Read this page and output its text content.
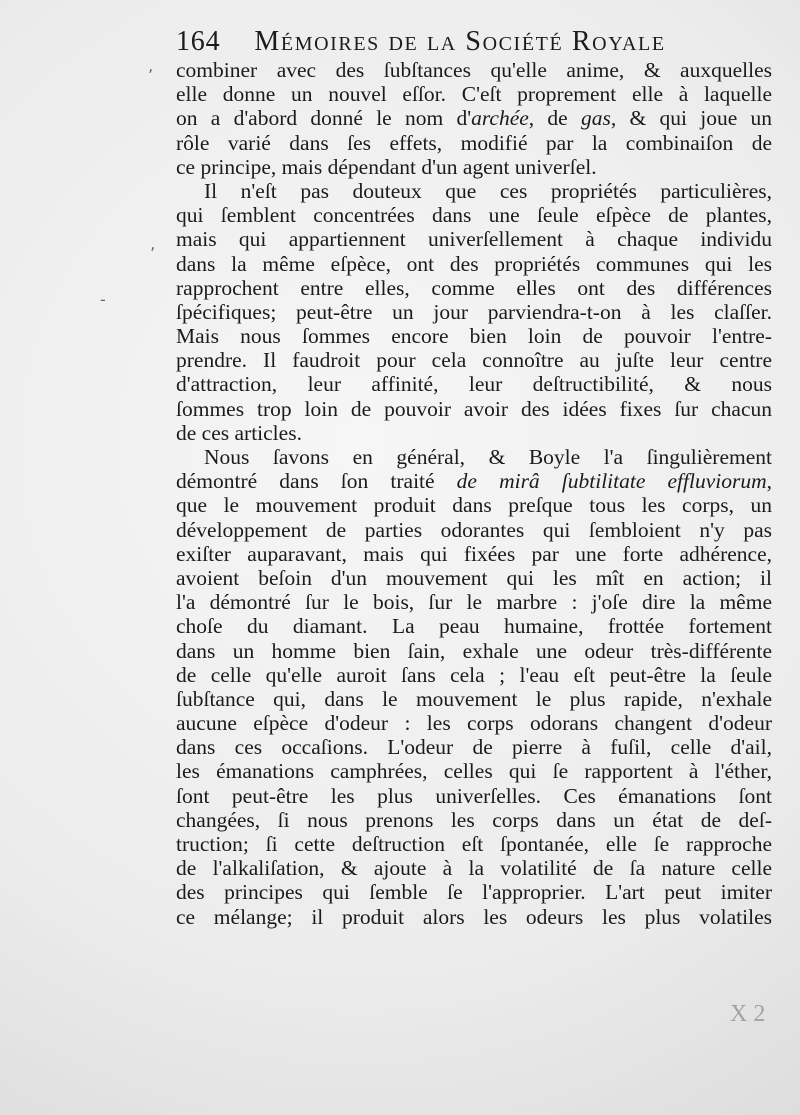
164 Mémoires de la Société Royale
combiner avec des ſubſtances qu'elle anime, & auxquelles
elle donne un nouvel eſſor. C'eſt proprement elle à laquelle
on a d'abord donné le nom d'archée, de gas, & qui joue un
rôle varié dans ſes effets, modifié par la combinaiſon de
ce principe, mais dépendant d'un agent univerſel.
Il n'eſt pas douteux que ces propriétés particulières,
qui ſemblent concentrées dans une ſeule eſpèce de plantes,
mais qui appartiennent univerſellement à chaque individu
dans la même eſpèce, ont des propriétés communes qui les
rapprochent entre elles, comme elles ont des différences
ſpécifiques; peut-être un jour parviendra-t-on à les claſſer.
Mais nous ſommes encore bien loin de pouvoir l'entre-
prendre. Il faudroit pour cela connoître au juſte leur centre
d'attraction, leur affinité, leur deſtructibilité, & nous
ſommes trop loin de pouvoir avoir des idées fixes ſur chacun
de ces articles.
Nous ſavons en général, & Boyle l'a ſingulièrement
démontré dans ſon traité de mirâ ſubtilitate effluviorum,
que le mouvement produit dans preſque tous les corps, un
développement de parties odorantes qui ſembloient n'y pas
exiſter auparavant, mais qui fixées par une forte adhérence,
avoient beſoin d'un mouvement qui les mît en action; il
l'a démontré ſur le bois, ſur le marbre : j'oſe dire la même
choſe du diamant. La peau humaine, frottée fortement
dans un homme bien ſain, exhale une odeur très-différente
de celle qu'elle auroit ſans cela ; l'eau eſt peut-être la ſeule
ſubſtance qui, dans le mouvement le plus rapide, n'exhale
aucune eſpèce d'odeur : les corps odorans changent d'odeur
dans ces occaſions. L'odeur de pierre à fuſil, celle d'ail,
les émanations camphrées, celles qui ſe rapportent à l'éther,
ſont peut-être les plus univerſelles. Ces émanations ſont
changées, ſi nous prenons les corps dans un état de deſ-
truction; ſi cette deſtruction eſt ſpontanée, elle ſe rapproche
de l'alkaliſation, & ajoute à la volatilité de ſa nature celle
des principes qui ſemble ſe l'approprier. L'art peut imiter
ce mélange; il produit alors les odeurs les plus volatiles
ʼ
ʼ
-
X 2
